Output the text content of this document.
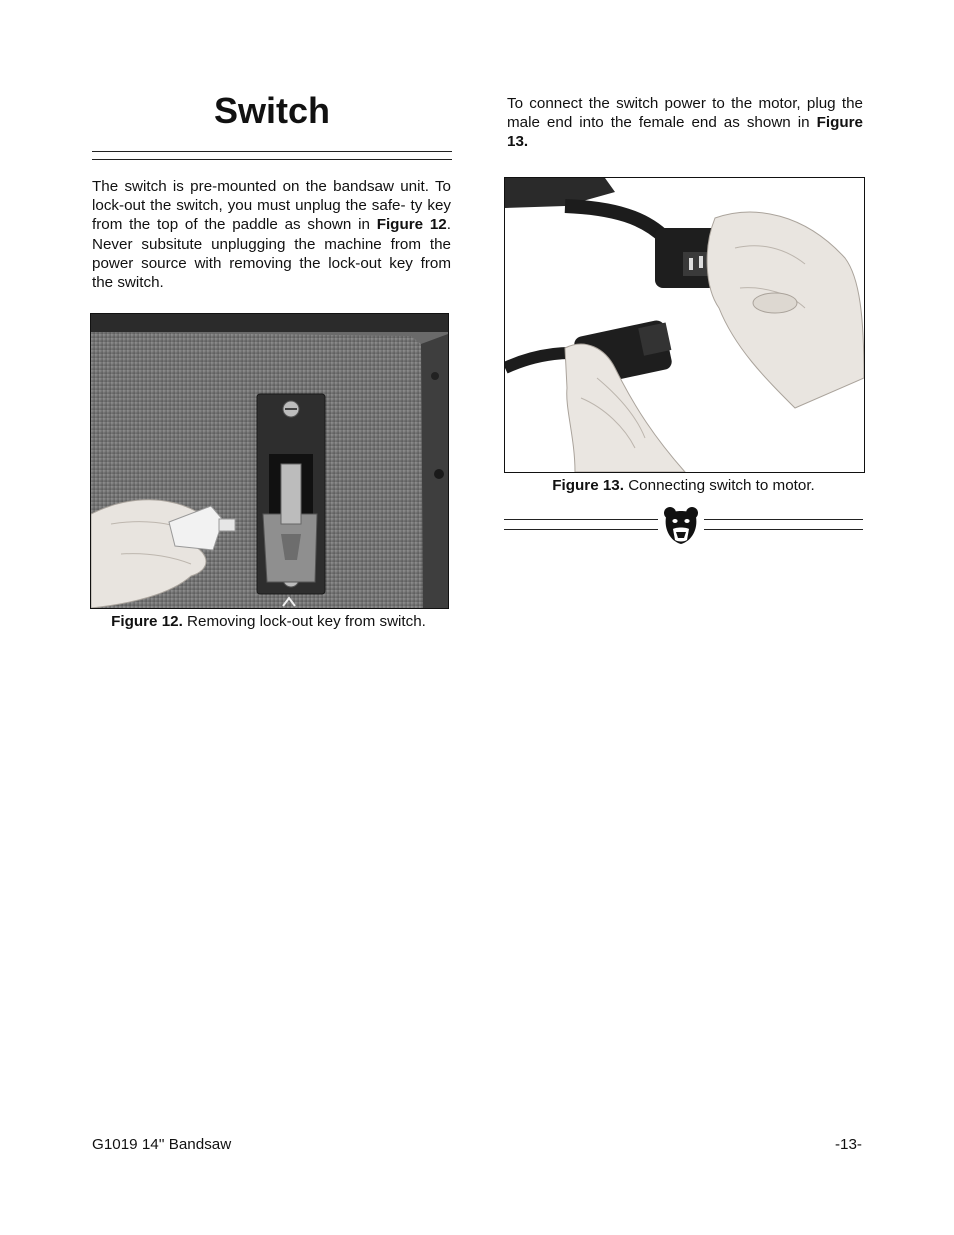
Switch
The switch is pre-mounted on the bandsaw unit. To lock-out the switch, you must unplug the safe- ty key from the top of the paddle as shown in Figure 12. Never subsitute unplugging the machine from the power source with removing the lock-out key from the switch.
Figure 12. Removing lock-out key from switch.
To connect the switch power to the motor, plug the male end into the female end as shown in Figure 13.
Figure 13. Connecting switch to motor.
G1019 14'' Bandsaw	-13-
